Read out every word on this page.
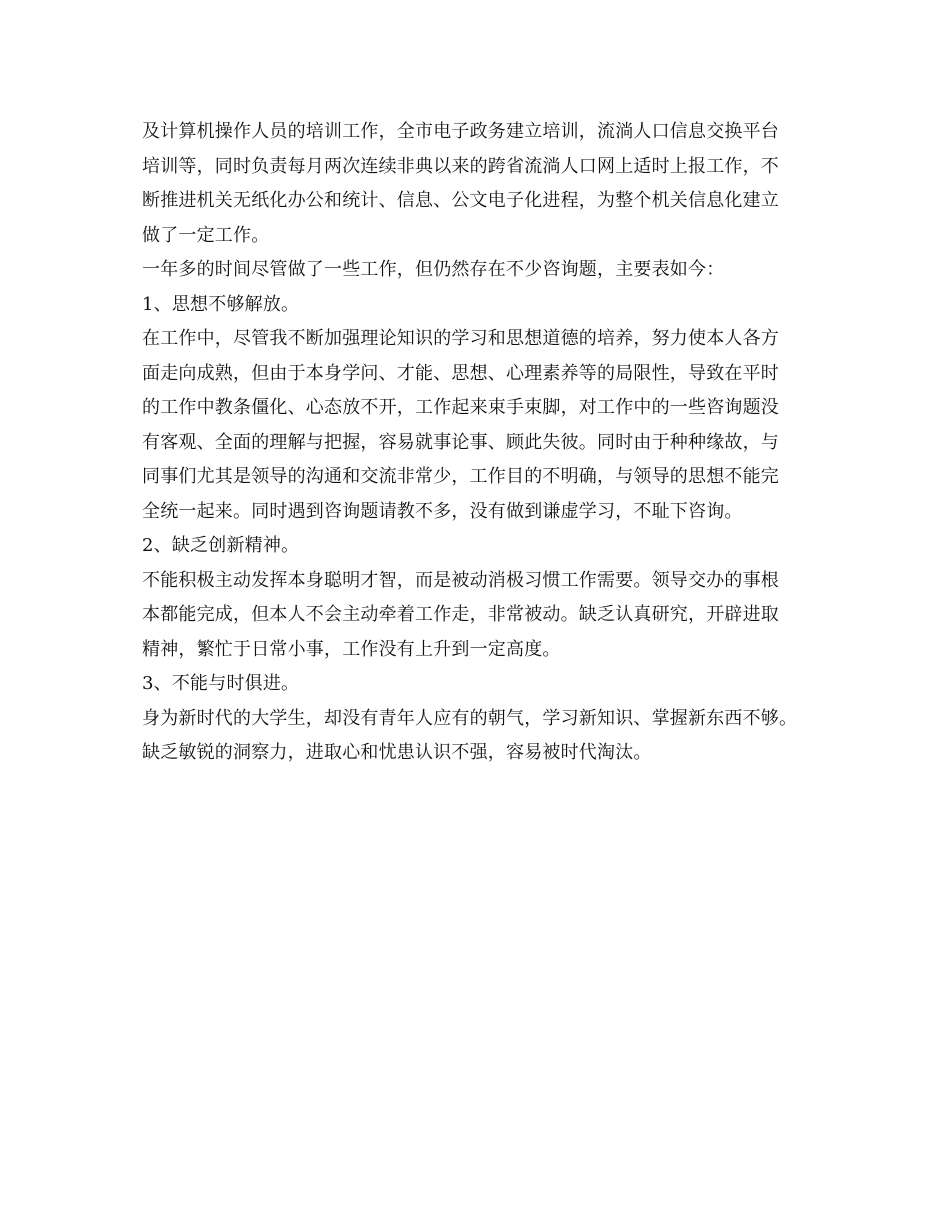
及计算机操作人员的培训工作，全市电子政务建立培训，流淌人口信息交换平台
培训等，同时负责每月两次连续非典以来的跨省流淌人口网上适时上报工作，不
断推进机关无纸化办公和统计、信息、公文电子化进程，为整个机关信息化建立
做了一定工作。
一年多的时间尽管做了一些工作，但仍然存在不少咨询题，主要表如今：
1、思想不够解放。
在工作中，尽管我不断加强理论知识的学习和思想道德的培养，努力使本人各方
面走向成熟，但由于本身学问、才能、思想、心理素养等的局限性，导致在平时
的工作中教条僵化、心态放不开，工作起来束手束脚，对工作中的一些咨询题没
有客观、全面的理解与把握，容易就事论事、顾此失彼。同时由于种种缘故，与
同事们尤其是领导的沟通和交流非常少，工作目的不明确，与领导的思想不能完
全统一起来。同时遇到咨询题请教不多，没有做到谦虚学习，不耻下咨询。
2、缺乏创新精神。
不能积极主动发挥本身聪明才智，而是被动消极习惯工作需要。领导交办的事根
本都能完成，但本人不会主动牵着工作走，非常被动。缺乏认真研究，开辟进取
精神，繁忙于日常小事，工作没有上升到一定高度。
3、不能与时俱进。
身为新时代的大学生，却没有青年人应有的朝气，学习新知识、掌握新东西不够。
缺乏敏锐的洞察力，进取心和忧患认识不强，容易被时代淘汰。
